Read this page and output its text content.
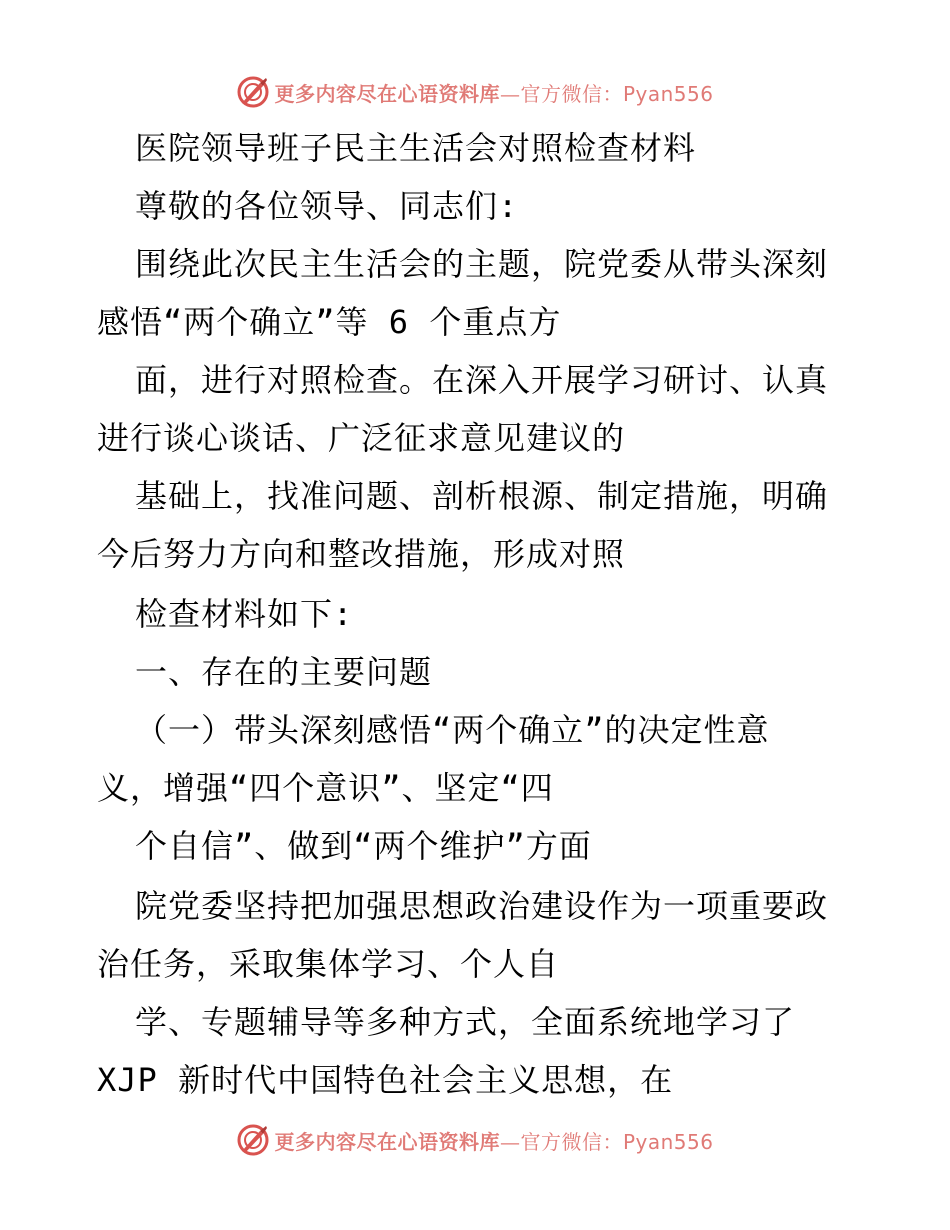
更多内容尽在心语资料库—官方微信：Pyan556
医院领导班子民主生活会对照检查材料
尊敬的各位领导、同志们:
围绕此次民主生活会的主题，院党委从带头深刻
感悟“两个确立”等 6 个重点方
面，进行对照检查。在深入开展学习研讨、认真
进行谈心谈话、广泛征求意见建议的
基础上，找准问题、剖析根源、制定措施，明确
今后努力方向和整改措施，形成对照
检查材料如下:
一、存在的主要问题
（一）带头深刻感悟“两个确立”的决定性意
义，增强“四个意识”、坚定“四
个自信”、做到“两个维护”方面
院党委坚持把加强思想政治建设作为一项重要政
治任务，采取集体学习、个人自
学、专题辅导等多种方式，全面系统地学习了
XJP 新时代中国特色社会主义思想，在
更多内容尽在心语资料库—官方微信：Pyan556
